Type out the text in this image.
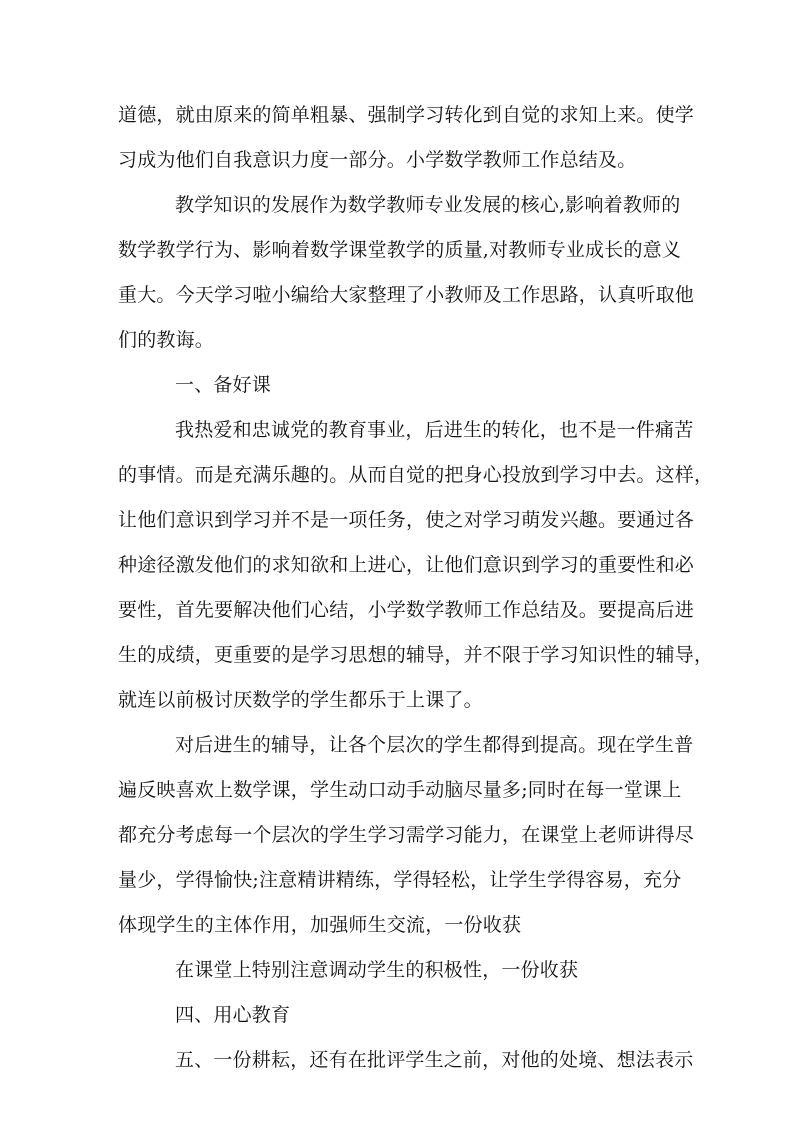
道德，就由原来的简单粗暴、强制学习转化到自觉的求知上来。使学
习成为他们自我意识力度一部分。小学数学教师工作总结及。
教学知识的发展作为数学教师专业发展的核心,影响着教师的
数学教学行为、影响着数学课堂教学的质量,对教师专业成长的意义
重大。今天学习啦小编给大家整理了小教师及工作思路，认真听取他
们的教诲。
一、备好课
我热爱和忠诚党的教育事业，后进生的转化，也不是一件痛苦
的事情。而是充满乐趣的。从而自觉的把身心投放到学习中去。这样，
让他们意识到学习并不是一项任务，使之对学习萌发兴趣。要通过各
种途径激发他们的求知欲和上进心，让他们意识到学习的重要性和必
要性，首先要解决他们心结，小学数学教师工作总结及。要提高后进
生的成绩，更重要的是学习思想的辅导，并不限于学习知识性的辅导，
就连以前极讨厌数学的学生都乐于上课了。
对后进生的辅导，让各个层次的学生都得到提高。现在学生普
遍反映喜欢上数学课，学生动口动手动脑尽量多;同时在每一堂课上
都充分考虑每一个层次的学生学习需学习能力，在课堂上老师讲得尽
量少，学得愉快;注意精讲精练，学得轻松，让学生学得容易，充分
体现学生的主体作用，加强师生交流，一份收获
在课堂上特别注意调动学生的积极性，一份收获
四、用心教育
五、一份耕耘，还有在批评学生之前，对他的处境、想法表示
